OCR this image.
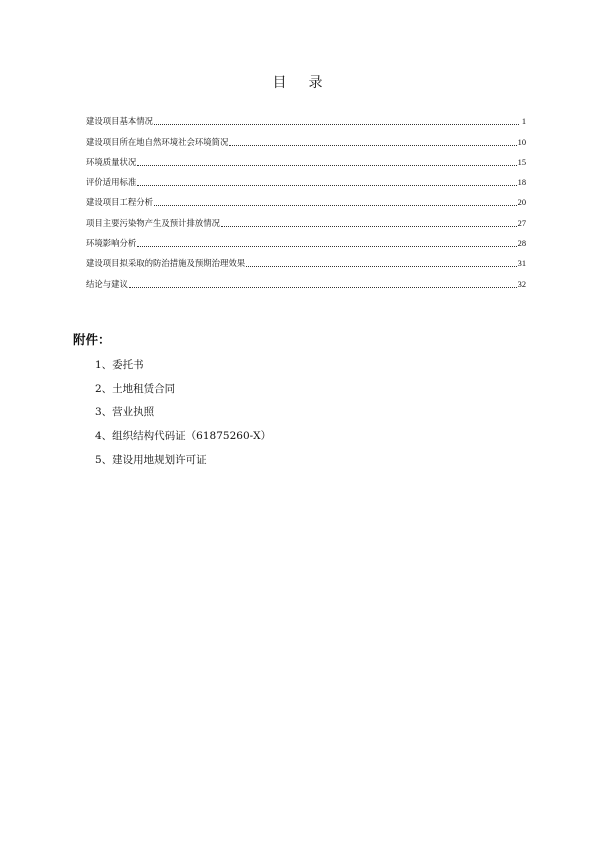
目 录
建设项目基本情况	1
建设项目所在地自然环境社会环境简况	10
环境质量状况	15
评价适用标准	18
建设项目工程分析	20
项目主要污染物产生及预计排放情况	27
环境影响分析	28
建设项目拟采取的防治措施及预期治理效果	31
结论与建议	32
附件：
1、委托书
2、土地租赁合同
3、营业执照
4、组织结构代码证（61875260-X）
5、建设用地规划许可证
